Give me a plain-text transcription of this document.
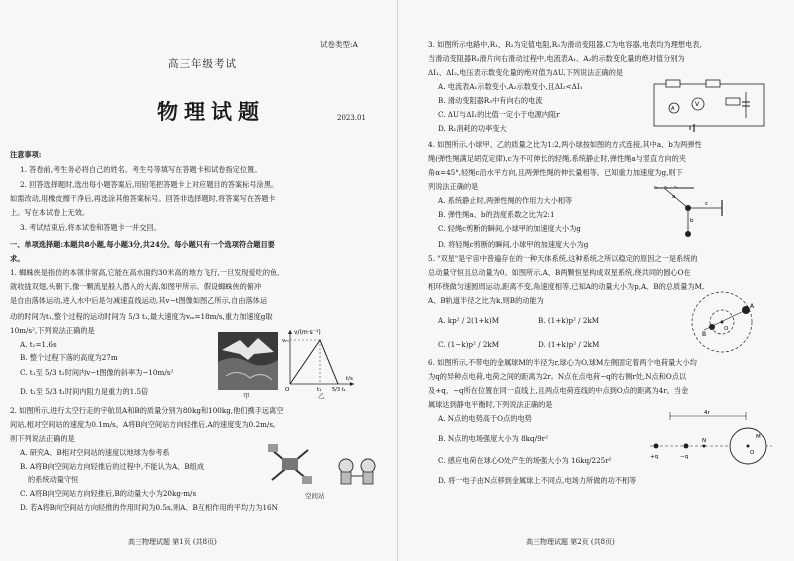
试卷类型:A
高三年级考试
物理试题	2023.01
注意事项:
1. 答卷前,考生务必将自己的姓名、考生号等填写在答题卡和试卷指定位置。
2. 回答选择题时,选出每小题答案后,用铅笔把答题卡上对应题目的答案标号涂黑。
如需改动,用橡皮擦干净后,再选涂其他答案标号。回答非选择题时,将答案写在答题卡
上。写在本试卷上无效。
3. 考试结束后,将本试卷和答题卡一并交回。
一、单项选择题:本题共8小题,每小题3分,共24分。每小题只有一个选项符合题目要
求。
1. 蜘蛛侠是指仿的本领非常高,它能在高水面约30米高的地方飞行,一旦发现爱吃的鱼,
就收拢双翅,头朝下,像一颗流星般人潜入的大海,如图甲所示。假设蜘蛛侠的俯冲
是自由落体运动,进入水中后是匀减速直线运动,其v−t图像如图乙所示,自由落体运
动的时间为t₁,整个过程的运动时间为 5/3 t₁,最大速度为vₘ=18m/s,重力加速度g取
10m/s²,下列说法正确的是
A. t₁=1.6s
B. 整个过程下落的高度为27m
C. t₁至 5/3 t₁时间内v−t图像的斜率为−10m/s²
D. t₁至 5/3 t₁时间内阻力是重力的1.5倍	甲
v/(m·s⁻¹)
vₘ
O	t₁ 5/3 t₁
t/s
乙
2. 如图所示,进行太空行走的宇航员A和B的质量分别为80kg和100kg,他们携手远离空
间站,相对空间站的速度为0.1m/s。A将B向空间站方向轻推后,A的速度变为0.2m/s,
则下列说法正确的是
A. 研究A、B相对空间站的速度以地球为参考系
B. A将B向空间站方向轻推后的过程中,不能认为A、B组成
的系统动量守恒
C. A将B向空间站方向轻推后,B的动量大小为20kg·m/s
D. 若A将B向空间站方向轻推的作用时间为0.5s,则A、B互相作用的平均力为16N
空间站
高三物理试题 第1页 (共8页)
3. 如图所示电路中,R₁、R₂为定值电阻,R₃为滑动变阻器,C为电容器,电表均为理想电表,
当滑动变阻器R₃滑片向右滑动过程中,电流表A₁、A₂的示数变化量的绝对值分别为
ΔI₁、ΔI₂,电压表示数变化量的绝对值为ΔU,下列说法正确的是
A. 电流表A₁示数变小,A₂示数变小,且ΔI₂<ΔI₁
B. 滑动变阻器R₃中有向右的电流
C. ΔU与ΔI₁的比值一定小于电源内阻r
D. R₁消耗的功率变大
V
A
4. 如图所示,小球甲、乙的质量之比为1:2,两小球按如图的方式连接,其中a、b为两弹性
绳(弹性绳满足胡克定律),c为不可伸长的轻绳,系统静止时,弹性绳a与竖直方向的夹
角α=45°,轻绳c沿水平方向,且两弹性绳的伸长量相等。已知重力加速度为g,则下
列说法正确的是
A. 系统静止时,两弹性绳的作用力大小相等
B. 弹性绳a、b的劲度系数之比为2:1
C. 轻绳c剪断的瞬间,小球甲的加速度大小为g
D. 将轻绳c剪断的瞬间,小球甲的加速度大小为g
a
b
c
5. "双星"是宇宙中普遍存在的一种天体系统,这种系统之所以稳定的原因之一是系统的
总动量守恒且总动量为0。如图所示,A、B两颗恒星构成双星系统,绕共同的圆心O在
相环绕做匀速圆周运动,距离不变,角速度相等,已知A的动量大小为p,A、B的总质量为M,
A、B轨道半径之比为k,则B的动能为
A. kp² / 2(1+k)M	B. (1+k)p² / 2kM
C. (1−k)p² / 2kM	D. (1+k)p² / 2kM
A
B
O
6. 如图所示,不带电的金属球M的半径为r,球心为O,球M左侧固定着两个电荷量大小均
为q的异种点电荷,电荷之间的距离为2r。N点在点电荷−q的右侧r处,N点和O点以
及+q、−q所在位置在同一直线上,且两点电荷连线的中点到O点的距离为4r。当金
属球达到静电平衡时,下列说法正确的是
A. N点的电势高于O点的电势
B. N点的电场强度大小为 8kq/9r²
C. 感应电荷在球心O处产生的场强大小为 16kq/225r²
D. 将一电子由N点移到金属球上不同点,电场力所做的功不相等
4r
+q	−q
N
O
M
高三物理试题 第2页 (共8页)
